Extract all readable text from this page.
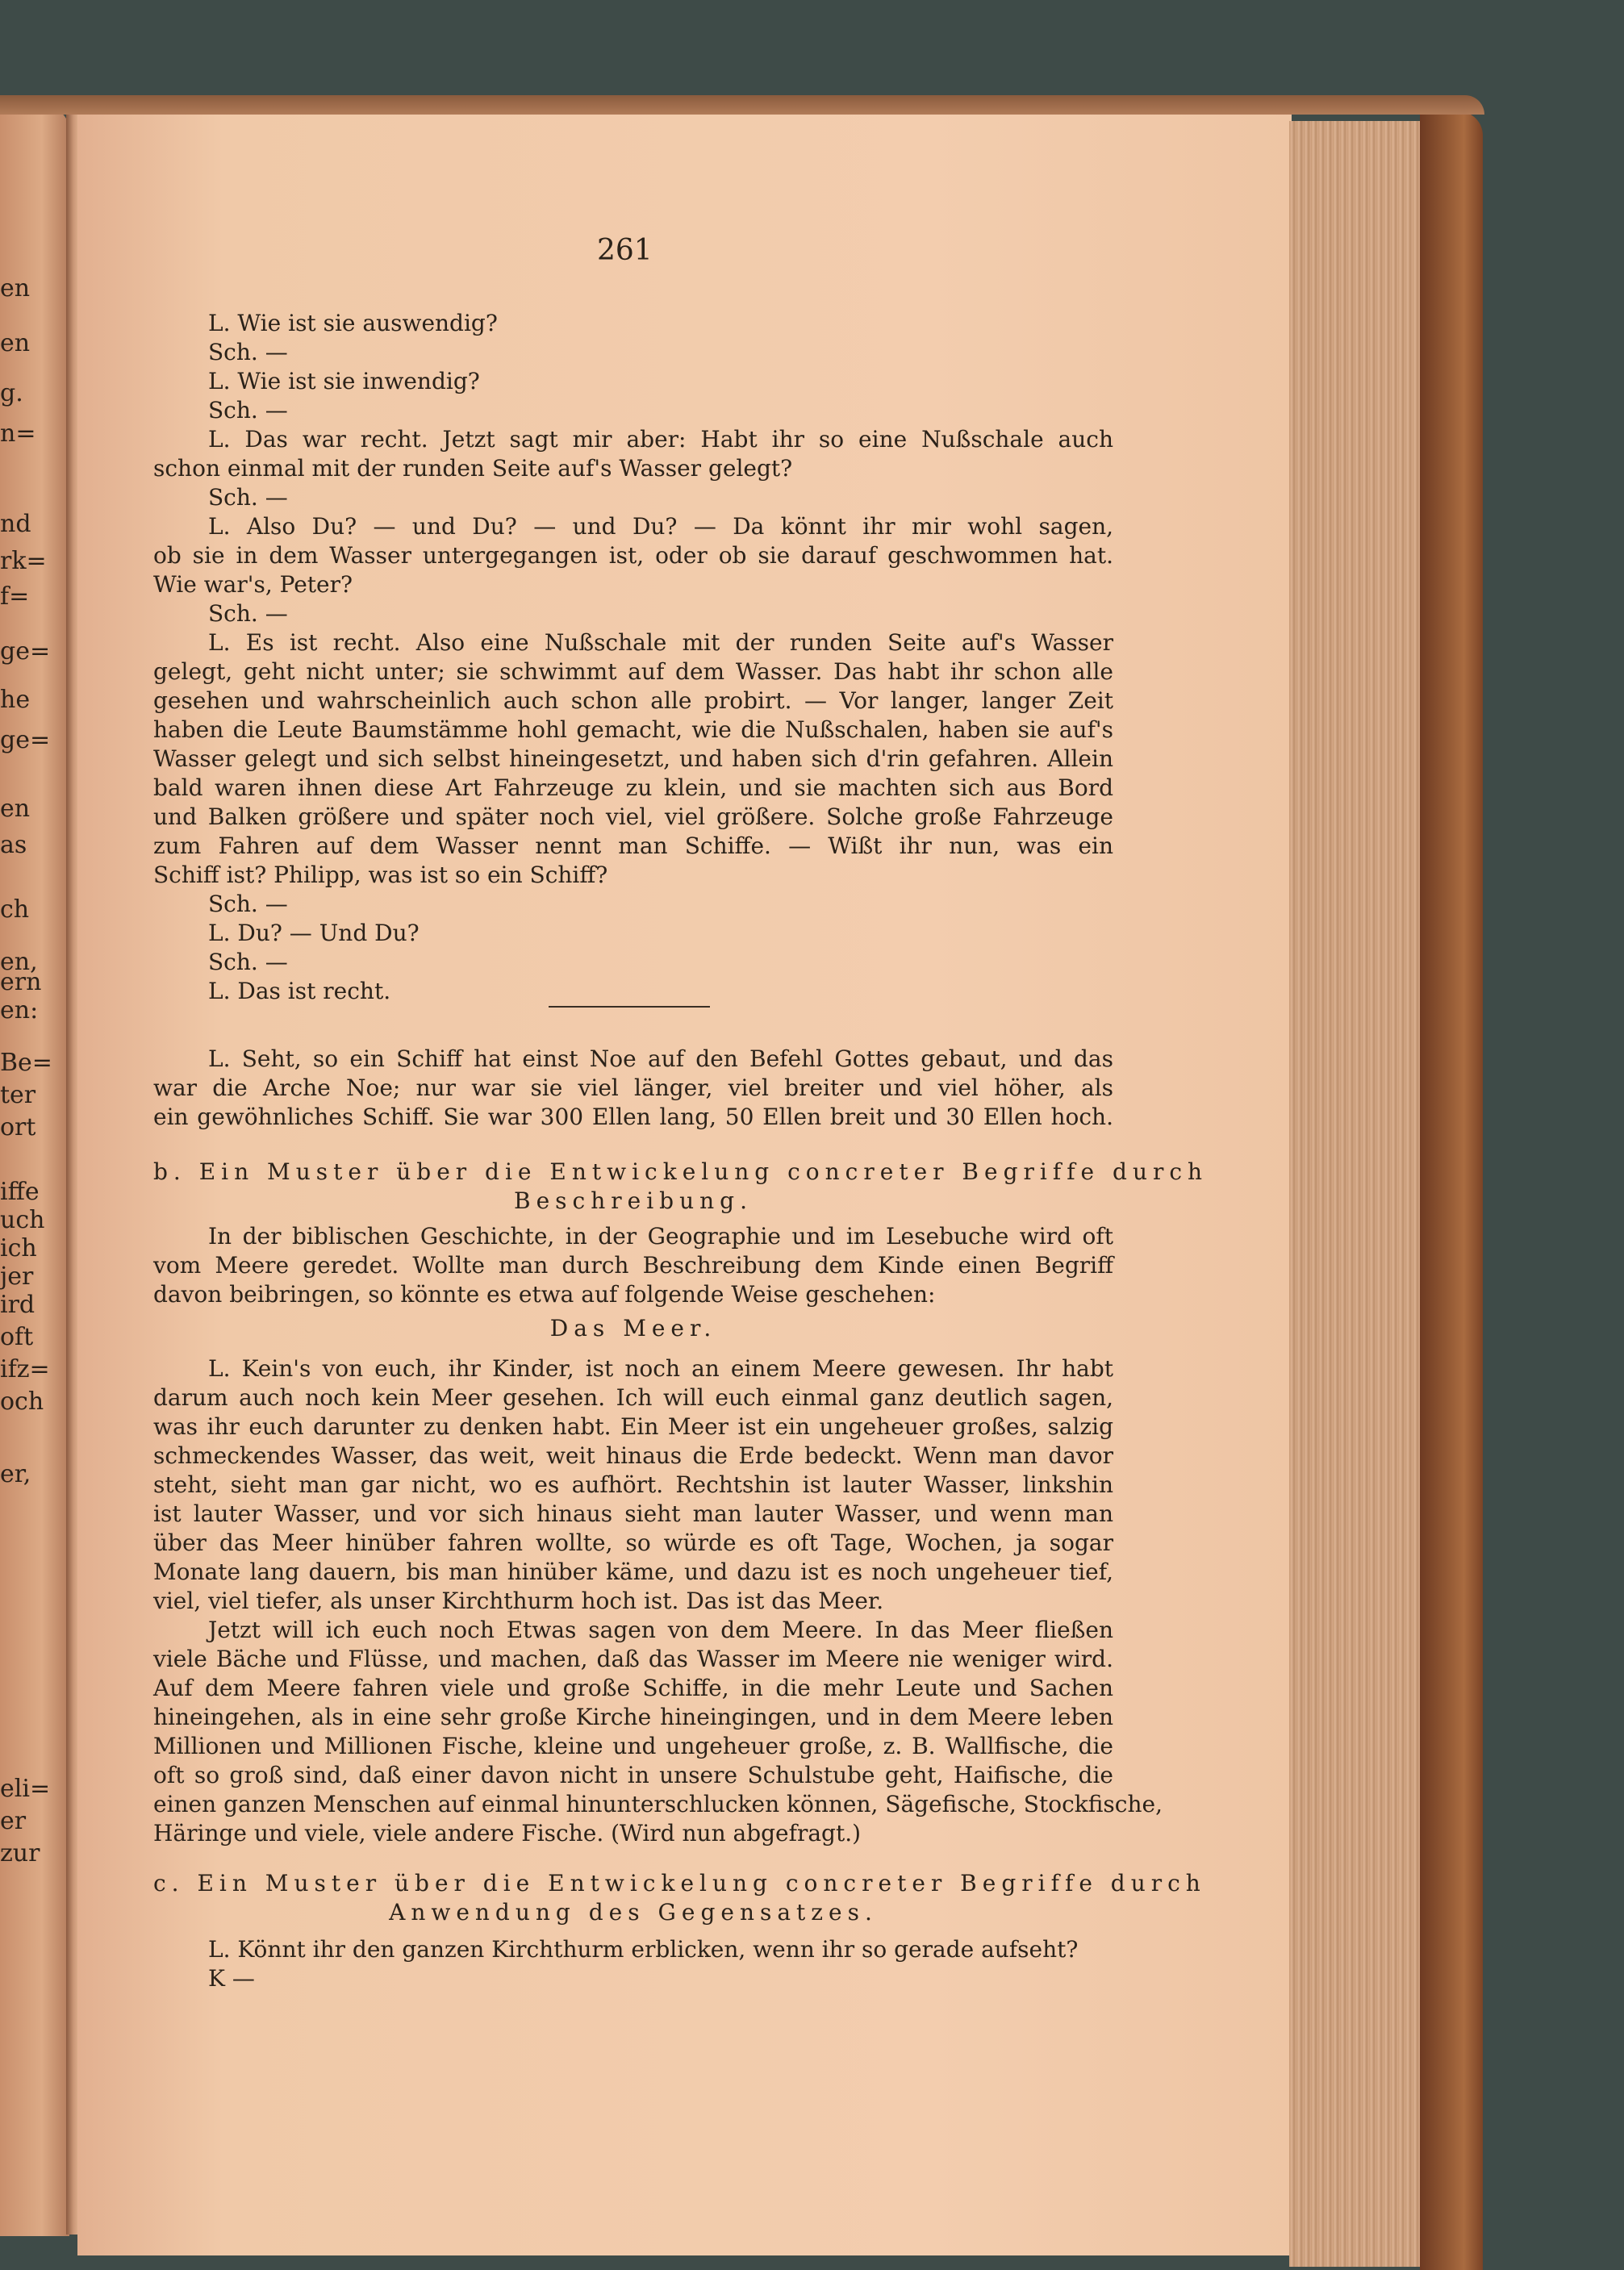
en
en
g.
n=
nd
rk=
f=
ge=
he
ge=
en
as
ch
en,
ern
en:
Be=
ter
ort
iffe
uch
ich
jer
ird
oft
ifz=
och
er,
eli=
er
zur
261
L. Wie ist sie auswendig?
Sch. —
L. Wie ist sie inwendig?
Sch. —
L. Das war recht. Jetzt sagt mir aber: Habt ihr so eine Nußschale auch
schon einmal mit der runden Seite auf's Wasser gelegt?
Sch. —
L. Also Du? — und Du? — und Du? — Da könnt ihr mir wohl sagen,
ob sie in dem Wasser untergegangen ist, oder ob sie darauf geschwommen hat.
Wie war's, Peter?
Sch. —
L. Es ist recht. Also eine Nußschale mit der runden Seite auf's Wasser
gelegt, geht nicht unter; sie schwimmt auf dem Wasser. Das habt ihr schon alle
gesehen und wahrscheinlich auch schon alle probirt. — Vor langer, langer Zeit
haben die Leute Baumstämme hohl gemacht, wie die Nußschalen, haben sie auf's
Wasser gelegt und sich selbst hineingesetzt, und haben sich d'rin gefahren. Allein
bald waren ihnen diese Art Fahrzeuge zu klein, und sie machten sich aus Bord
und Balken größere und später noch viel, viel größere. Solche große Fahrzeuge
zum Fahren auf dem Wasser nennt man Schiffe. — Wißt ihr nun, was ein
Schiff ist? Philipp, was ist so ein Schiff?
Sch. —
L. Du? — Und Du?
Sch. —
L. Das ist recht.
L. Seht, so ein Schiff hat einst Noe auf den Befehl Gottes gebaut, und das
war die Arche Noe; nur war sie viel länger, viel breiter und viel höher, als
ein gewöhnliches Schiff. Sie war 300 Ellen lang, 50 Ellen breit und 30 Ellen hoch.
b. Ein Muster über die Entwickelung concreter Begriffe durch
Beschreibung.
In der biblischen Geschichte, in der Geographie und im Lesebuche wird oft
vom Meere geredet. Wollte man durch Beschreibung dem Kinde einen Begriff
davon beibringen, so könnte es etwa auf folgende Weise geschehen:
Das Meer.
L. Kein's von euch, ihr Kinder, ist noch an einem Meere gewesen. Ihr habt
darum auch noch kein Meer gesehen. Ich will euch einmal ganz deutlich sagen,
was ihr euch darunter zu denken habt. Ein Meer ist ein ungeheuer großes, salzig
schmeckendes Wasser, das weit, weit hinaus die Erde bedeckt. Wenn man davor
steht, sieht man gar nicht, wo es aufhört. Rechtshin ist lauter Wasser, linkshin
ist lauter Wasser, und vor sich hinaus sieht man lauter Wasser, und wenn man
über das Meer hinüber fahren wollte, so würde es oft Tage, Wochen, ja sogar
Monate lang dauern, bis man hinüber käme, und dazu ist es noch ungeheuer tief,
viel, viel tiefer, als unser Kirchthurm hoch ist. Das ist das Meer.
Jetzt will ich euch noch Etwas sagen von dem Meere. In das Meer fließen
viele Bäche und Flüsse, und machen, daß das Wasser im Meere nie weniger wird.
Auf dem Meere fahren viele und große Schiffe, in die mehr Leute und Sachen
hineingehen, als in eine sehr große Kirche hineingingen, und in dem Meere leben
Millionen und Millionen Fische, kleine und ungeheuer große, z. B. Wallfische, die
oft so groß sind, daß einer davon nicht in unsere Schulstube geht, Haifische, die
einen ganzen Menschen auf einmal hinunterschlucken können, Sägefische, Stockfische,
Häringe und viele, viele andere Fische. (Wird nun abgefragt.)
c. Ein Muster über die Entwickelung concreter Begriffe durch
Anwendung des Gegensatzes.
L. Könnt ihr den ganzen Kirchthurm erblicken, wenn ihr so gerade aufseht?
K —
